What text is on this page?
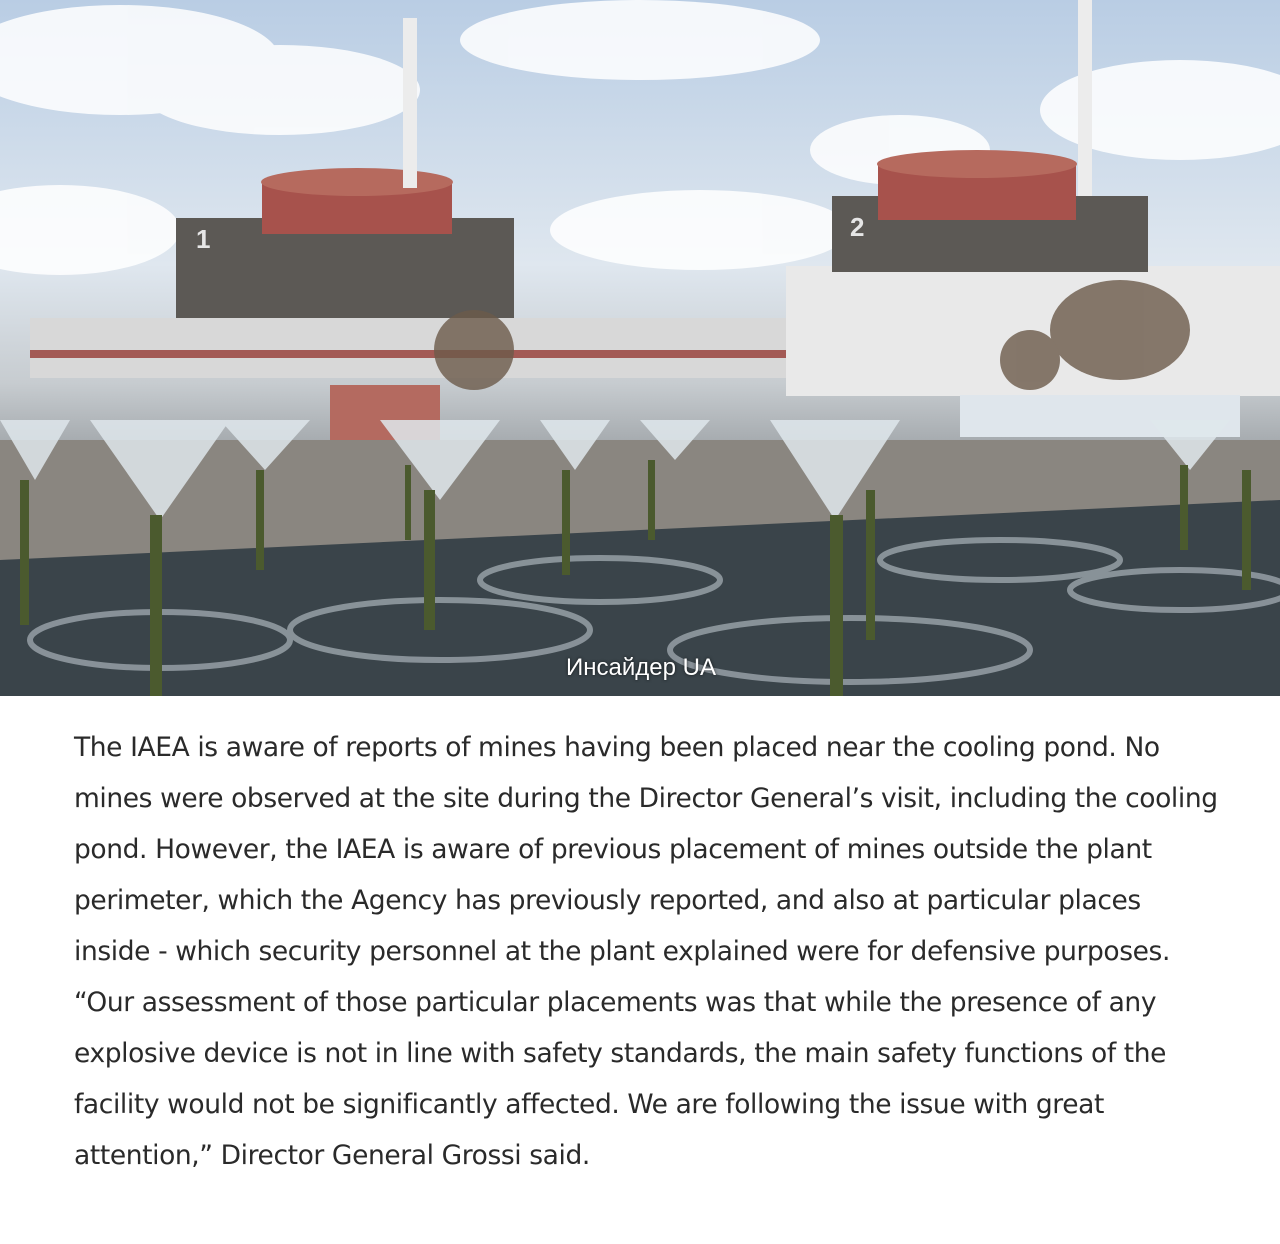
1	2
Инсайдер UA

The IAEA is aware of reports of mines having been placed near the cooling pond. No mines were observed at the site during the Director General’s visit, including the cooling pond. However, the IAEA is aware of previous placement of mines outside the plant perimeter, which the Agency has previously reported, and also at particular places inside - which security personnel at the plant explained were for defensive purposes. “Our assessment of those particular placements was that while the presence of any explosive device is not in line with safety standards, the main safety functions of the facility would not be significantly affected. We are following the issue with great attention,” Director General Grossi said.
